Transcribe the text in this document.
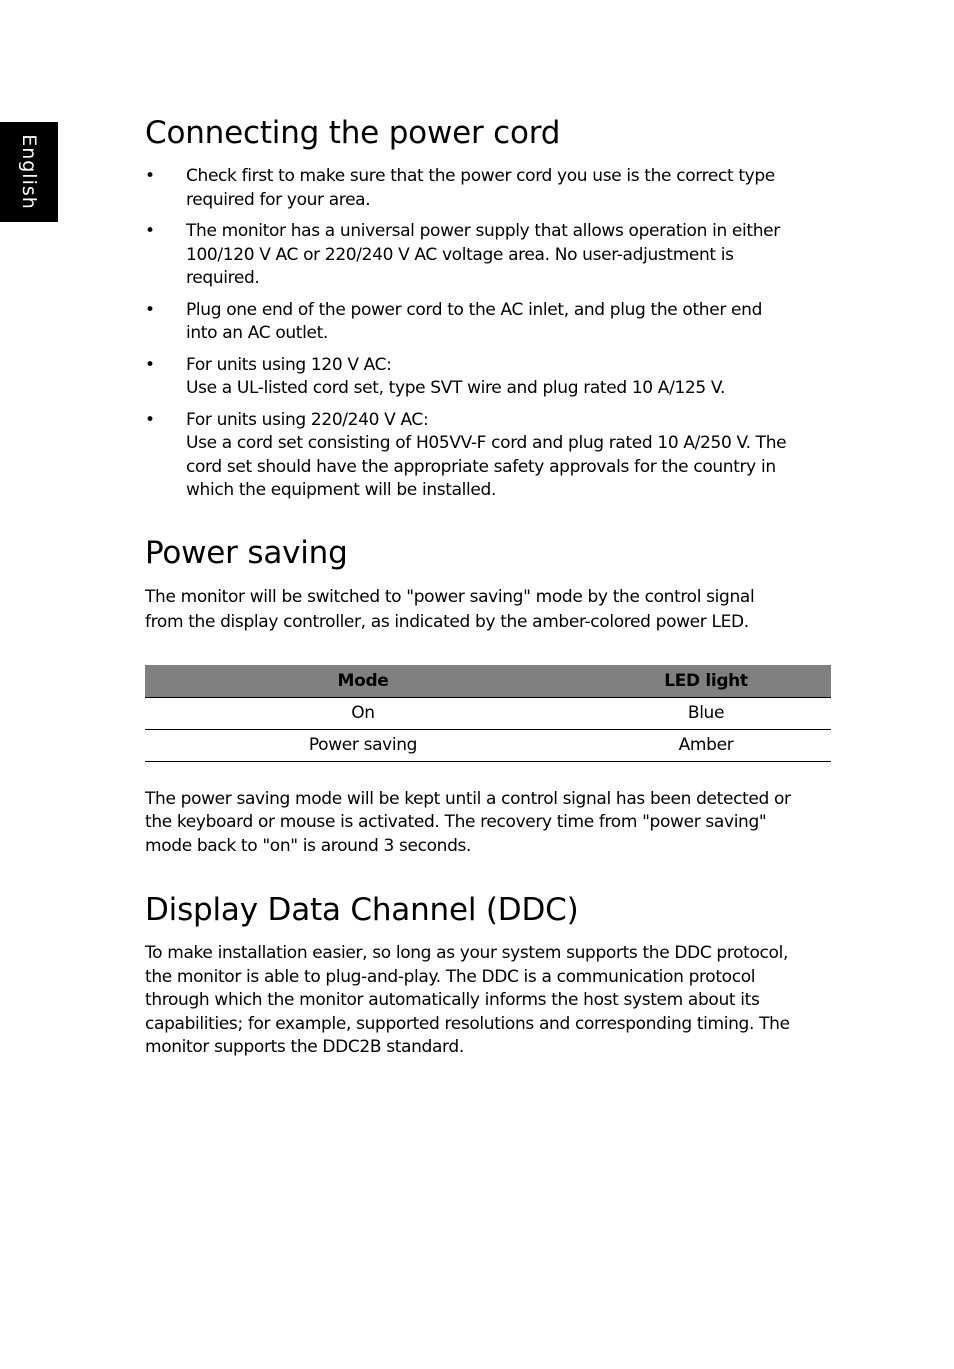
English
Connecting the power cord
• Check first to make sure that the power cord you use is the correct type
required for your area.
• The monitor has a universal power supply that allows operation in either
100/120 V AC or 220/240 V AC voltage area. No user-adjustment is
required.
• Plug one end of the power cord to the AC inlet, and plug the other end
into an AC outlet.
• For units using 120 V AC:
Use a UL-listed cord set, type SVT wire and plug rated 10 A/125 V.
• For units using 220/240 V AC:
Use a cord set consisting of H05VV-F cord and plug rated 10 A/250 V. The
cord set should have the appropriate safety approvals for the country in
which the equipment will be installed.
Power saving
The monitor will be switched to "power saving" mode by the control signal
from the display controller, as indicated by the amber-colored power LED.
Mode	LED light
On	Blue
Power saving	Amber
The power saving mode will be kept until a control signal has been detected or
the keyboard or mouse is activated. The recovery time from "power saving"
mode back to "on" is around 3 seconds.
Display Data Channel (DDC)
To make installation easier, so long as your system supports the DDC protocol,
the monitor is able to plug-and-play. The DDC is a communication protocol
through which the monitor automatically informs the host system about its
capabilities; for example, supported resolutions and corresponding timing. The
monitor supports the DDC2B standard.
